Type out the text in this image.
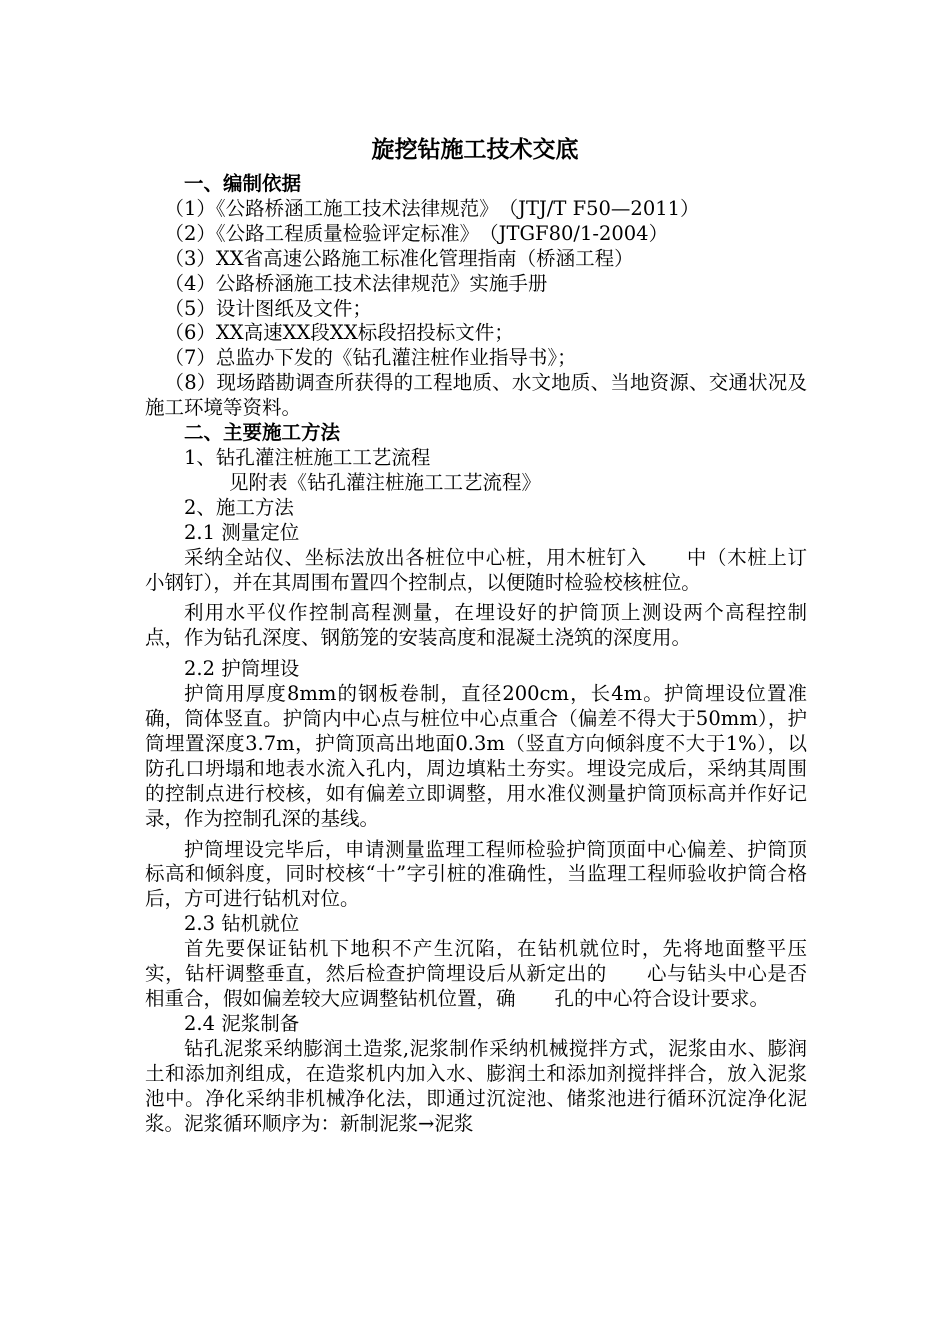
旋挖钻施工技术交底

一、编制依据

（1）《公路桥涵工施工技术法律规范》　（JTJ/T F50—2011）

（2）《公路工程质量检验评定标准》　（JTGF80/1-2004）

（3）XX省高速公路施工标准化管理指南（桥涵工程）

（4）公路桥涵施工技术法律规范》实施手册

（5）设计图纸及文件；

（6）XX高速XX段XX标段招投标文件；

（7）总监办下发的《钻孔灌注桩作业指导书》；

（8）现场踏勘调查所获得的工程地质、水文地质、当地资源、交通状况及施工环境等资料。

二、主要施工方法

1、钻孔灌注桩施工工艺流程

见附表《钻孔灌注桩施工工艺流程》

2、施工方法

2.1 测量定位

采纳全站仪、坐标法放出各桩位中心桩，用木桩钉入　　中（木桩上订小钢钉），并在其周围布置四个控制点，以便随时检验校核桩位。

利用水平仪作控制高程测量，在埋设好的护筒顶上测设两个高程控制点，作为钻孔深度、钢筋笼的安装高度和混凝土浇筑的深度用。

2.2 护筒埋设

护筒用厚度8mm的钢板卷制，直径200cm，长4m。护筒埋设位置准确，筒体竖直。护筒内中心点与桩位中心点重合（偏差不得大于50mm），护筒埋置深度3.7m，护筒顶高出地面0.3m（竖直方向倾斜度不大于1%），以防孔口坍塌和地表水流入孔内，周边填粘土夯实。埋设完成后，采纳其周围的控制点进行校核，如有偏差立即调整，用水准仪测量护筒顶标高并作好记录，作为控制孔深的基线。

护筒埋设完毕后，申请测量监理工程师检验护筒顶面中心偏差、护筒顶标高和倾斜度，同时校核“十”字引桩的准确性，当监理工程师验收护筒合格后，方可进行钻机对位。

2.3 钻机就位

首先要保证钻机下地积不产生沉陷，在钻机就位时，先将地面整平压实，钻杆调整垂直，然后检查护筒埋设后从新定出的　　心与钻头中心是否相重合，假如偏差较大应调整钻机位置，确　　孔的中心符合设计要求。

2.4 泥浆制备

钻孔泥浆采纳膨润土造浆,泥浆制作采纳机械搅拌方式，泥浆由水、膨润土和添加剂组成，在造浆机内加入水、膨润土和添加剂搅拌拌合，放入泥浆池中。净化采纳非机械净化法，即通过沉淀池、储浆池进行循环沉淀净化泥浆。泥浆循环顺序为：新制泥浆→泥浆
